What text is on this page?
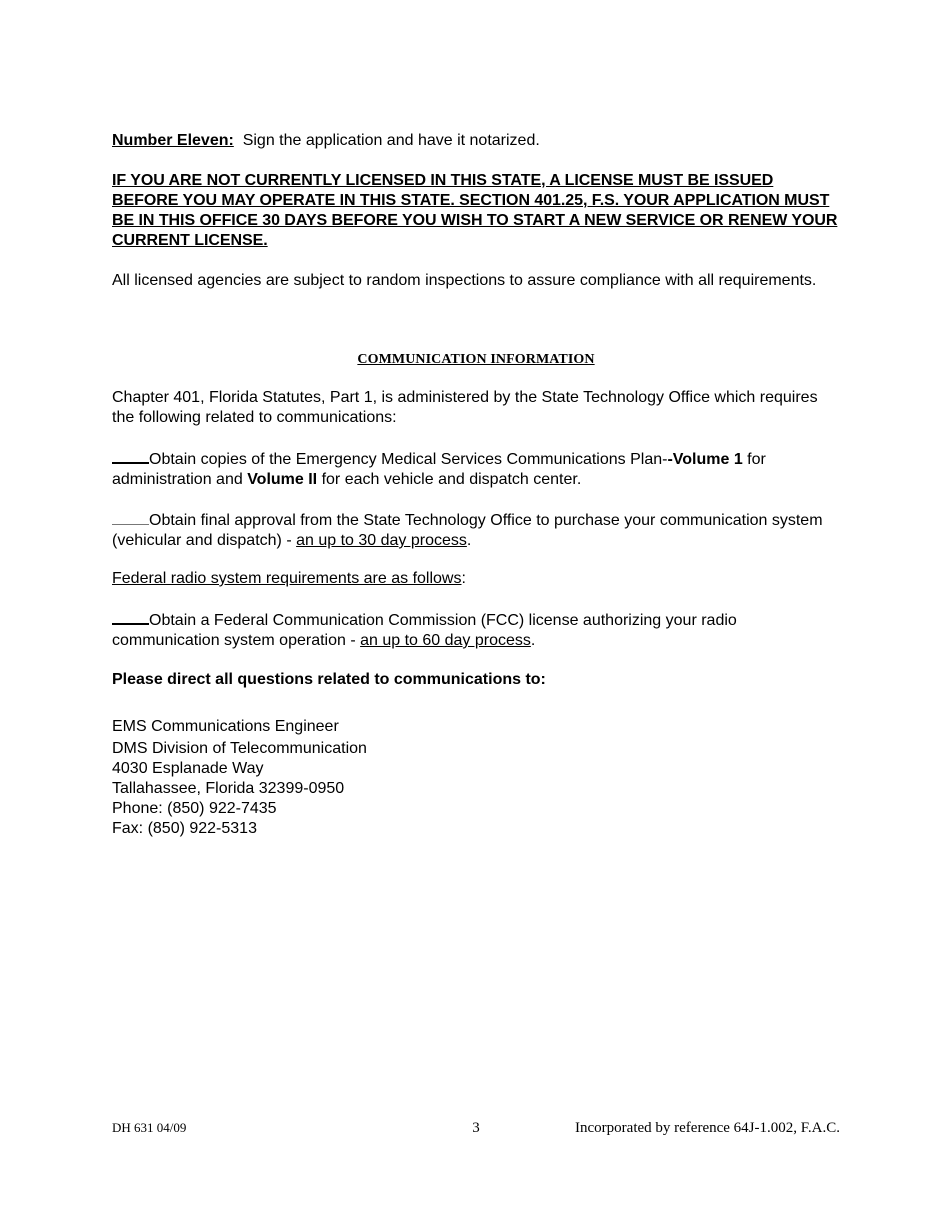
Number Eleven: Sign the application and have it notarized.

IF YOU ARE NOT CURRENTLY LICENSED IN THIS STATE, A LICENSE MUST BE ISSUED BEFORE YOU MAY OPERATE IN THIS STATE. SECTION 401.25, F.S. YOUR APPLICATION MUST BE IN THIS OFFICE 30 DAYS BEFORE YOU WISH TO START A NEW SERVICE OR RENEW YOUR CURRENT LICENSE.

All licensed agencies are subject to random inspections to assure compliance with all requirements.

COMMUNICATION INFORMATION

Chapter 401, Florida Statutes, Part 1, is administered by the State Technology Office which requires the following related to communications:

Obtain copies of the Emergency Medical Services Communications Plan--Volume 1 for administration and Volume II for each vehicle and dispatch center.

Obtain final approval from the State Technology Office to purchase your communication system (vehicular and dispatch) - an up to 30 day process.

Federal radio system requirements are as follows:

Obtain a Federal Communication Commission (FCC) license authorizing your radio communication system operation - an up to 60 day process.

Please direct all questions related to communications to:

EMS Communications Engineer

DMS Division of Telecommunication

4030 Esplanade Way

Tallahassee, Florida 32399-0950

Phone: (850) 922-7435

Fax: (850) 922-5313

DH 631 04/09	3	Incorporated by reference 64J-1.002, F.A.C.
